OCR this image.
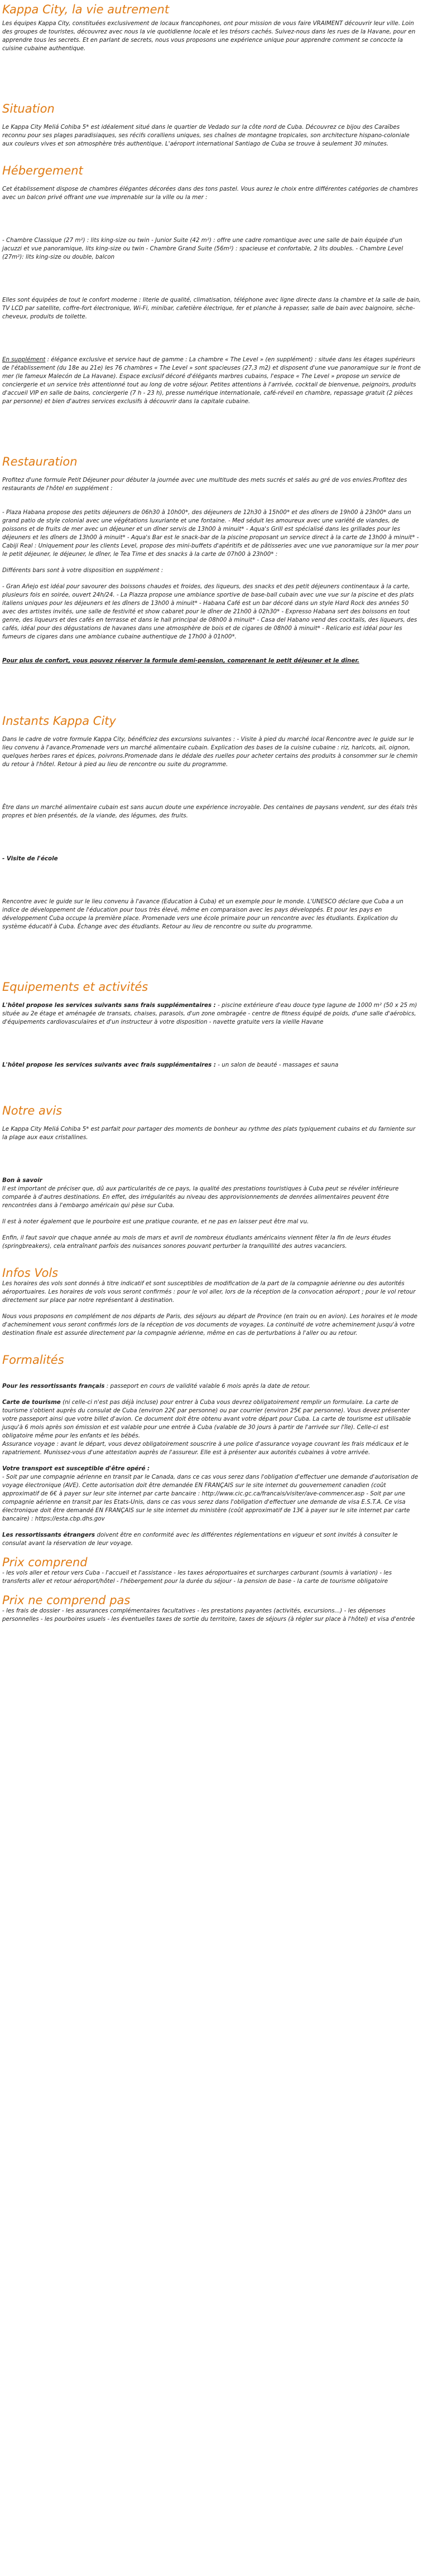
Kappa City, la vie autrement

Les équipes Kappa City, constituées exclusivement de locaux francophones, ont pour mission de vous faire VRAIMENT découvrir leur ville. Loin des groupes de touristes, découvrez avec nous la vie quotidienne locale et les trésors cachés. Suivez-nous dans les rues de la Havane, pour en apprendre tous les secrets. Et en parlant de secrets, nous vous proposons une expérience unique pour apprendre comment se concocte la cuisine cubaine authentique.

Situation

Le Kappa City Meliá Cohiba 5* est idéalement situé dans le quartier de Vedado sur la côte nord de Cuba. Découvrez ce bijou des Caraïbes reconnu pour ses plages paradisiaques, ses récifs coralliens uniques, ses chaînes de montagne tropicales, son architecture hispano-coloniale aux couleurs vives et son atmosphère très authentique. L'aéroport international Santiago de Cuba se trouve à seulement 30 minutes.

Hébergement

Cet établissement dispose de chambres élégantes décorées dans des tons pastel. Vous aurez le choix entre différentes catégories de chambres avec un balcon privé offrant une vue imprenable sur la ville ou la mer :

- Chambre Classique (27 m²) : lits king-size ou twin - Junior Suite (42 m²) : offre une cadre romantique avec une salle de bain équipée d'un jacuzzi et vue panoramique, lits king-size ou twin - Chambre Grand Suite (56m²) : spacieuse et confortable, 2 lits doubles. - Chambre Level (27m²): lits king-size ou double, balcon

Elles sont équipées de tout le confort moderne : literie de qualité, climatisation, téléphone avec ligne directe dans la chambre et la salle de bain, TV LCD par satellite, coffre-fort électronique, Wi-Fi, minibar, cafetière électrique, fer et planche à repasser, salle de bain avec baignoire, sèche-cheveux, produits de toilette.

En supplément : élégance exclusive et service haut de gamme : La chambre « The Level » (en supplément) : située dans les étages supérieurs de l'établissement (du 18e au 21e) les 76 chambres « The Level » sont spacieuses (27,3 m2) et disposent d'une vue panoramique sur le front de mer (le fameux Malecón de La Havane). Espace exclusif décoré d'élégants marbres cubains, l'espace « The Level » propose un service de conciergerie et un service très attentionné tout au long de votre séjour. Petites attentions à l'arrivée, cocktail de bienvenue, peignoirs, produits d'accueil VIP en salle de bains, conciergerie (7 h - 23 h), presse numérique internationale, café-réveil en chambre, repassage gratuit (2 pièces par personne) et bien d'autres services exclusifs à découvrir dans la capitale cubaine.

Restauration

Profitez d'une formule Petit Déjeuner pour débuter la journée avec une multitude des mets sucrés et salés au gré de vos envies.Profitez des restaurants de l'hôtel en supplément :

- Plaza Habana propose des petits déjeuners de 06h30 à 10h00*, des déjeuners de 12h30 à 15h00* et des dîners de 19h00 à 23h00* dans un grand patio de style colonial avec une végétations luxuriante et une fontaine. - Med séduit les amoureux avec une variété de viandes, de poissons et de fruits de mer avec un déjeuner et un dîner servis de 13h00 à minuit* - Aqua's Grill est spécialisé dans les grillades pour les déjeuners et les dîners de 13h00 à minuit* - Aqua's Bar est le snack-bar de la piscine proposant un service direct à la carte de 13h00 à minuit* - Cabiji Real : Uniquement pour les clients Level, propose des mini-buffets d'apéritifs et de pâtisseries avec une vue panoramique sur la mer pour le petit déjeuner, le déjeuner, le dîner, le Tea Time et des snacks à la carte de 07h00 à 23h00* :

Différents bars sont à votre disposition en supplément :

- Gran Añejo est idéal pour savourer des boissons chaudes et froides, des liqueurs, des snacks et des petit déjeuners continentaux à la carte, plusieurs fois en soirée, ouvert 24h/24. - La Piazza propose une ambiance sportive de base-ball cubain avec une vue sur la piscine et des plats italiens uniques pour les déjeuners et les dîners de 13h00 à minuit* - Habana Café est un bar décoré dans un style Hard Rock des années 50 avec des artistes invités, une salle de festivité et show cabaret pour le dîner de 21h00 à 02h30* - Expresso Habana sert des boissons en tout genre, des liqueurs et des cafés en terrasse et dans le hall principal de 08h00 à minuit* - Casa del Habano vend des cocktails, des liqueurs, des cafés, idéal pour des dégustations de havanes dans une atmosphère de bois et de cigares de 08h00 à minuit* - Relicario est idéal pour les fumeurs de cigares dans une ambiance cubaine authentique de 17h00 à 01h00*.

Pour plus de confort, vous pouvez réserver la formule demi-pension, comprenant le petit déjeuner et le dîner.

Instants Kappa City

Dans le cadre de votre formule Kappa City, bénéficiez des excursions suivantes : - Visite à pied du marché local Rencontre avec le guide sur le lieu convenu à l'avance.Promenade vers un marché alimentaire cubain. Explication des bases de la cuisine cubaine : riz, haricots, ail, oignon, quelques herbes rares et épices, poivrons.Promenade dans le dédale des ruelles pour acheter certains des produits à consommer sur le chemin du retour à l'hôtel. Retour à pied au lieu de rencontre ou suite du programme.

Être dans un marché alimentaire cubain est sans aucun doute une expérience incroyable. Des centaines de paysans vendent, sur des étals très propres et bien présentés, de la viande, des légumes, des fruits.

- Visite de l'école

Rencontre avec le guide sur le lieu convenu à l'avance (Education à Cuba) et un exemple pour le monde. L'UNESCO déclare que Cuba a un indice de développement de l'éducation pour tous très élevé, même en comparaison avec les pays développés. Et pour les pays en développement Cuba occupe la première place. Promenade vers une école primaire pour un rencontre avec les étudiants. Explication du système éducatif à Cuba. Échange avec des étudiants. Retour au lieu de rencontre ou suite du programme.

Equipements et activités

L'hôtel propose les services suivants sans frais supplémentaires : - piscine extérieure d'eau douce type lagune de 1000 m² (50 x 25 m) située au 2e étage et aménagée de transats, chaises, parasols, d'un zone ombragée - centre de fitness équipé de poids, d'une salle d'aérobics, d'équipements cardiovasculaires et d'un instructeur à votre disposition - navette gratuite vers la vieille Havane

L'hôtel propose les services suivants avec frais supplémentaires : - un salon de beauté - massages et sauna

Notre avis

Le Kappa City Meliá Cohiba 5* est parfait pour partager des moments de bonheur au rythme des plats typiquement cubains et du farniente sur la plage aux eaux cristallines.

Bon à savoir

Il est important de préciser que, dû aux particularités de ce pays, la qualité des prestations touristiques à Cuba peut se révéler inférieure comparée à d'autres destinations. En effet, des irrégularités au niveau des approvisionnements de denrées alimentaires peuvent être rencontrées dans à l'embargo américain qui pèse sur Cuba.

Il est à noter également que le pourboire est une pratique courante, et ne pas en laisser peut être mal vu.

Enfin, il faut savoir que chaque année au mois de mars et avril de nombreux étudiants américains viennent fêter la fin de leurs études (springbreakers), cela entraînant parfois des nuisances sonores pouvant perturber la tranquillité des autres vacanciers.

Infos Vols

Les horaires des vols sont donnés à titre indicatif et sont susceptibles de modification de la part de la compagnie aérienne ou des autorités aéroportuaires. Les horaires de vols vous seront confirmés : pour le vol aller, lors de la réception de la convocation aéroport ; pour le vol retour directement sur place par notre représentant à destination.

Nous vous proposons en complément de nos départs de Paris, des séjours au départ de Province (en train ou en avion). Les horaires et le mode d'acheminement vous seront confirmés lors de la réception de vos documents de voyages. La continuité de votre acheminement jusqu'à votre destination finale est assurée directement par la compagnie aérienne, même en cas de perturbations à l'aller ou au retour.

Formalités

Pour les ressortissants français : passeport en cours de validité valable 6 mois après la date de retour.

Carte de tourisme (ni celle-ci n'est pas déjà incluse) pour entrer à Cuba vous devrez obligatoirement remplir un formulaire. La carte de tourisme s'obtient auprès du consulat de Cuba (environ 22€ par personne) ou par courrier (environ 25€ par personne). Vous devez présenter votre passeport ainsi que votre billet d'avion. Ce document doit être obtenu avant votre départ pour Cuba. La carte de tourisme est utilisable jusqu'à 6 mois après son émission et est valable pour une entrée à Cuba (valable de 30 jours à partir de l'arrivée sur l'île). Celle-ci est obligatoire même pour les enfants et les bébés.

Assurance voyage : avant le départ, vous devez obligatoirement souscrire à une police d'assurance voyage couvrant les frais médicaux et le rapatriement. Munissez-vous d'une attestation auprès de l'assureur. Elle est à présenter aux autorités cubaines à votre arrivée.

Votre transport est susceptible d'être opéré :

- Soit par une compagnie aérienne en transit par le Canada, dans ce cas vous serez dans l'obligation d'effectuer une demande d'autorisation de voyage électronique (AVE). Cette autorisation doit être demandée EN FRANÇAIS sur le site internet du gouvernement canadien (coût approximatif de 6€ à payer sur leur site internet par carte bancaire : http://www.cic.gc.ca/francais/visiter/ave-commencer.asp - Soit par une compagnie aérienne en transit par les Etats-Unis, dans ce cas vous serez dans l'obligation d'effectuer une demande de visa E.S.T.A. Ce visa électronique doit être demandé EN FRANÇAIS sur le site internet du ministère (coût approximatif de 13€ à payer sur le site internet par carte bancaire) : https://esta.cbp.dhs.gov

Les ressortissants étrangers doivent être en conformité avec les différentes réglementations en vigueur et sont invités à consulter le consulat avant la réservation de leur voyage.

Prix comprend

- les vols aller et retour vers Cuba - l'accueil et l'assistance - les taxes aéroportuaires et surcharges carburant (soumis à variation) - les transferts aller et retour aéroport/hôtel - l'hébergement pour la durée du séjour - la pension de base - la carte de tourisme obligatoire

Prix ne comprend pas

- les frais de dossier - les assurances complémentaires facultatives - les prestations payantes (activités, excursions...) - les dépenses personnelles - les pourboires usuels - les éventuelles taxes de sortie du territoire, taxes de séjours (à régler sur place à l'hôtel) et visa d'entrée
